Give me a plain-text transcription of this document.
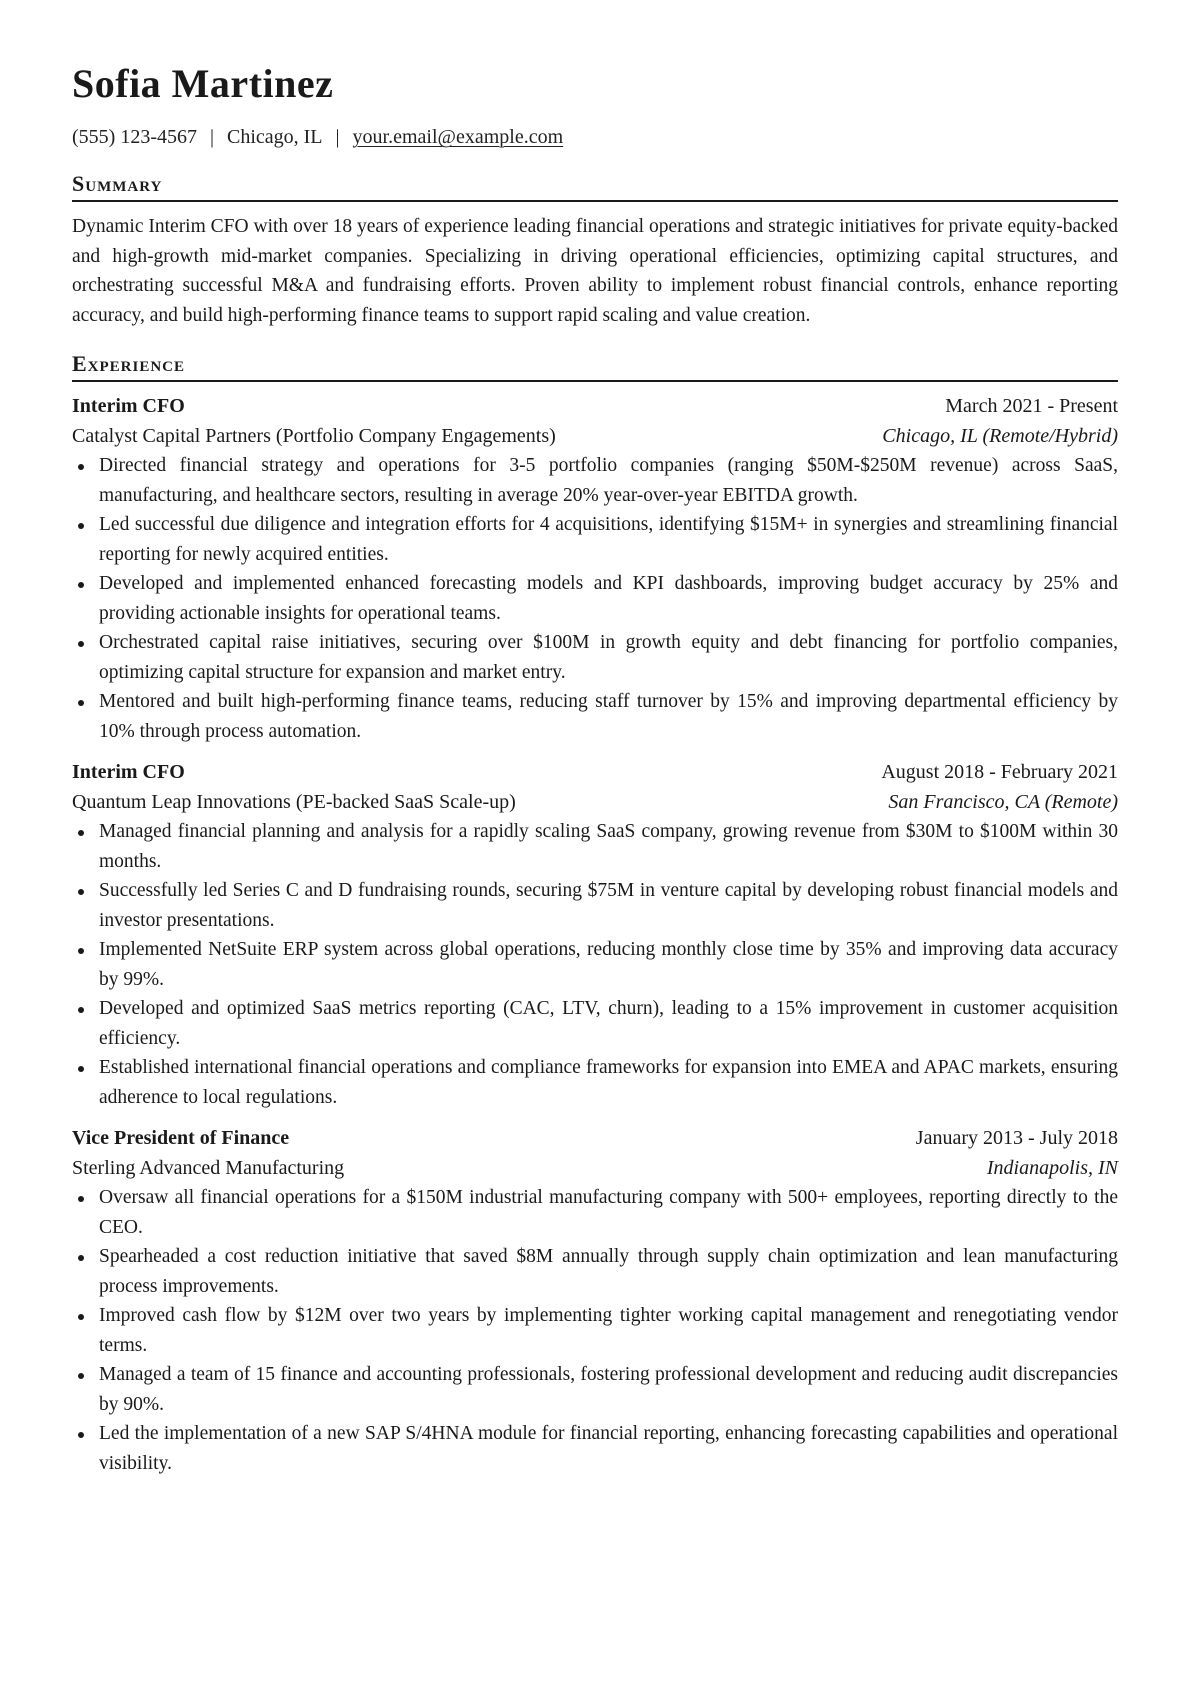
Sofia Martinez
(555) 123-4567 | Chicago, IL | your.email@example.com
Summary
Dynamic Interim CFO with over 18 years of experience leading financial operations and strategic initiatives for private equity-backed and high-growth mid-market companies. Specializing in driving operational efficiencies, optimizing capital structures, and orchestrating successful M&A and fundraising efforts. Proven ability to implement robust financial controls, enhance reporting accuracy, and build high-performing finance teams to support rapid scaling and value creation.
Experience
Interim CFO	March 2021 - Present
Catalyst Capital Partners (Portfolio Company Engagements)	Chicago, IL (Remote/Hybrid)
Directed financial strategy and operations for 3-5 portfolio companies (ranging $50M-$250M revenue) across SaaS, manufacturing, and healthcare sectors, resulting in average 20% year-over-year EBITDA growth.
Led successful due diligence and integration efforts for 4 acquisitions, identifying $15M+ in synergies and streamlining financial reporting for newly acquired entities.
Developed and implemented enhanced forecasting models and KPI dashboards, improving budget accuracy by 25% and providing actionable insights for operational teams.
Orchestrated capital raise initiatives, securing over $100M in growth equity and debt financing for portfolio companies, optimizing capital structure for expansion and market entry.
Mentored and built high-performing finance teams, reducing staff turnover by 15% and improving departmental efficiency by 10% through process automation.
Interim CFO	August 2018 - February 2021
Quantum Leap Innovations (PE-backed SaaS Scale-up)	San Francisco, CA (Remote)
Managed financial planning and analysis for a rapidly scaling SaaS company, growing revenue from $30M to $100M within 30 months.
Successfully led Series C and D fundraising rounds, securing $75M in venture capital by developing robust financial models and investor presentations.
Implemented NetSuite ERP system across global operations, reducing monthly close time by 35% and improving data accuracy by 99%.
Developed and optimized SaaS metrics reporting (CAC, LTV, churn), leading to a 15% improvement in customer acquisition efficiency.
Established international financial operations and compliance frameworks for expansion into EMEA and APAC markets, ensuring adherence to local regulations.
Vice President of Finance	January 2013 - July 2018
Sterling Advanced Manufacturing	Indianapolis, IN
Oversaw all financial operations for a $150M industrial manufacturing company with 500+ employees, reporting directly to the CEO.
Spearheaded a cost reduction initiative that saved $8M annually through supply chain optimization and lean manufacturing process improvements.
Improved cash flow by $12M over two years by implementing tighter working capital management and renegotiating vendor terms.
Managed a team of 15 finance and accounting professionals, fostering professional development and reducing audit discrepancies by 90%.
Led the implementation of a new SAP S/4HNA module for financial reporting, enhancing forecasting capabilities and operational visibility.
